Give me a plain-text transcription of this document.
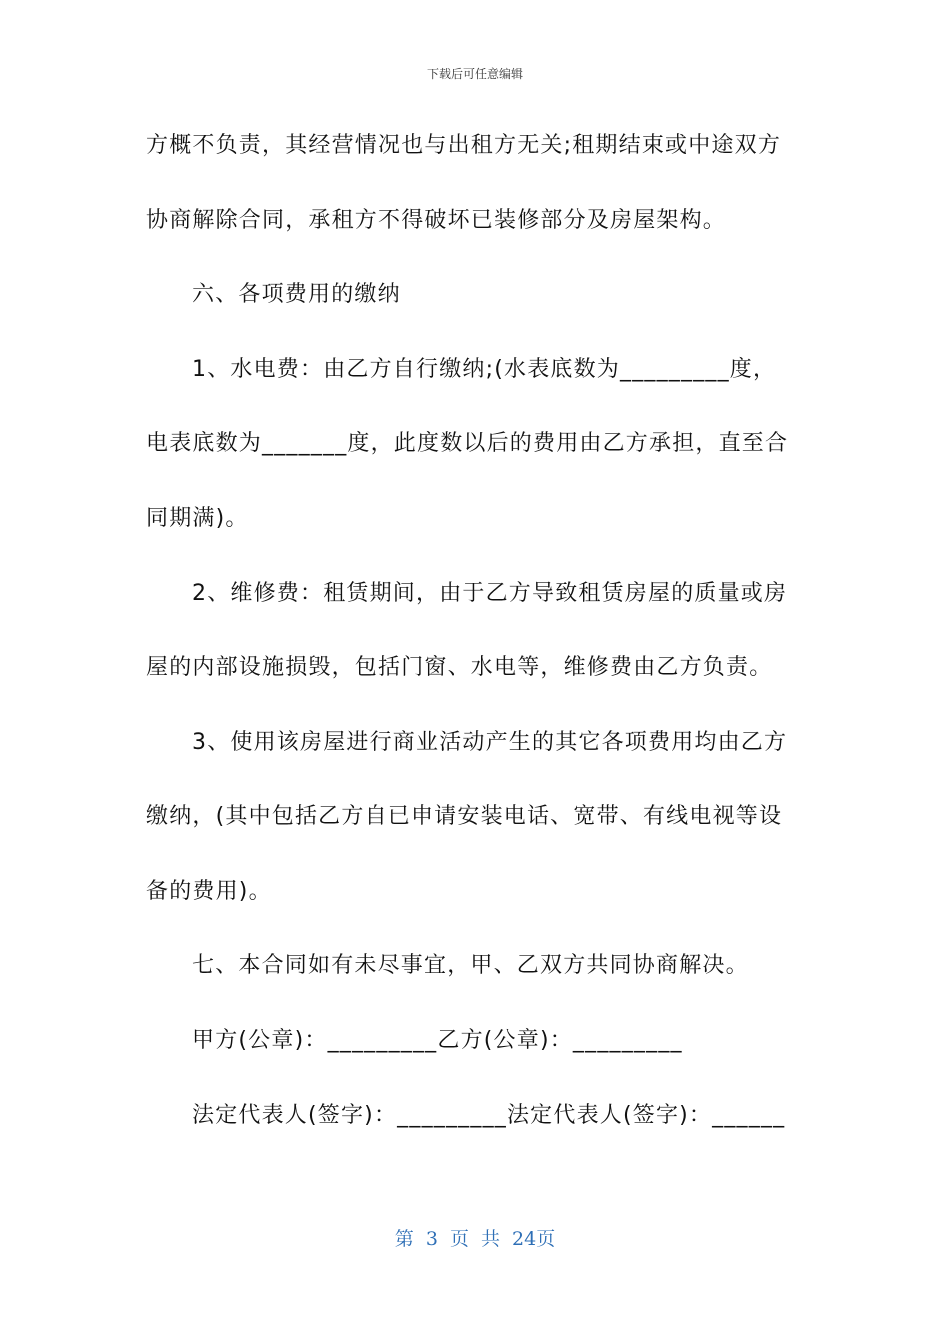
下载后可任意编辑
方概不负责，其经营情况也与出租方无关;租期结束或中途双方
协商解除合同，承租方不得破坏已装修部分及房屋架构。
六、各项费用的缴纳
1、水电费：由乙方自行缴纳;(水表底数为_________度，
电表底数为_______度，此度数以后的费用由乙方承担，直至合
同期满)。
2、维修费：租赁期间，由于乙方导致租赁房屋的质量或房
屋的内部设施损毁，包括门窗、水电等，维修费由乙方负责。
3、使用该房屋进行商业活动产生的其它各项费用均由乙方
缴纳，(其中包括乙方自已申请安装电话、宽带、有线电视等设
备的费用)。
七、本合同如有未尽事宜，甲、乙双方共同协商解决。
甲方(公章)：_________乙方(公章)：_________
法定代表人(签字)：_________法定代表人(签字)：______
第 3 页 共 24页
